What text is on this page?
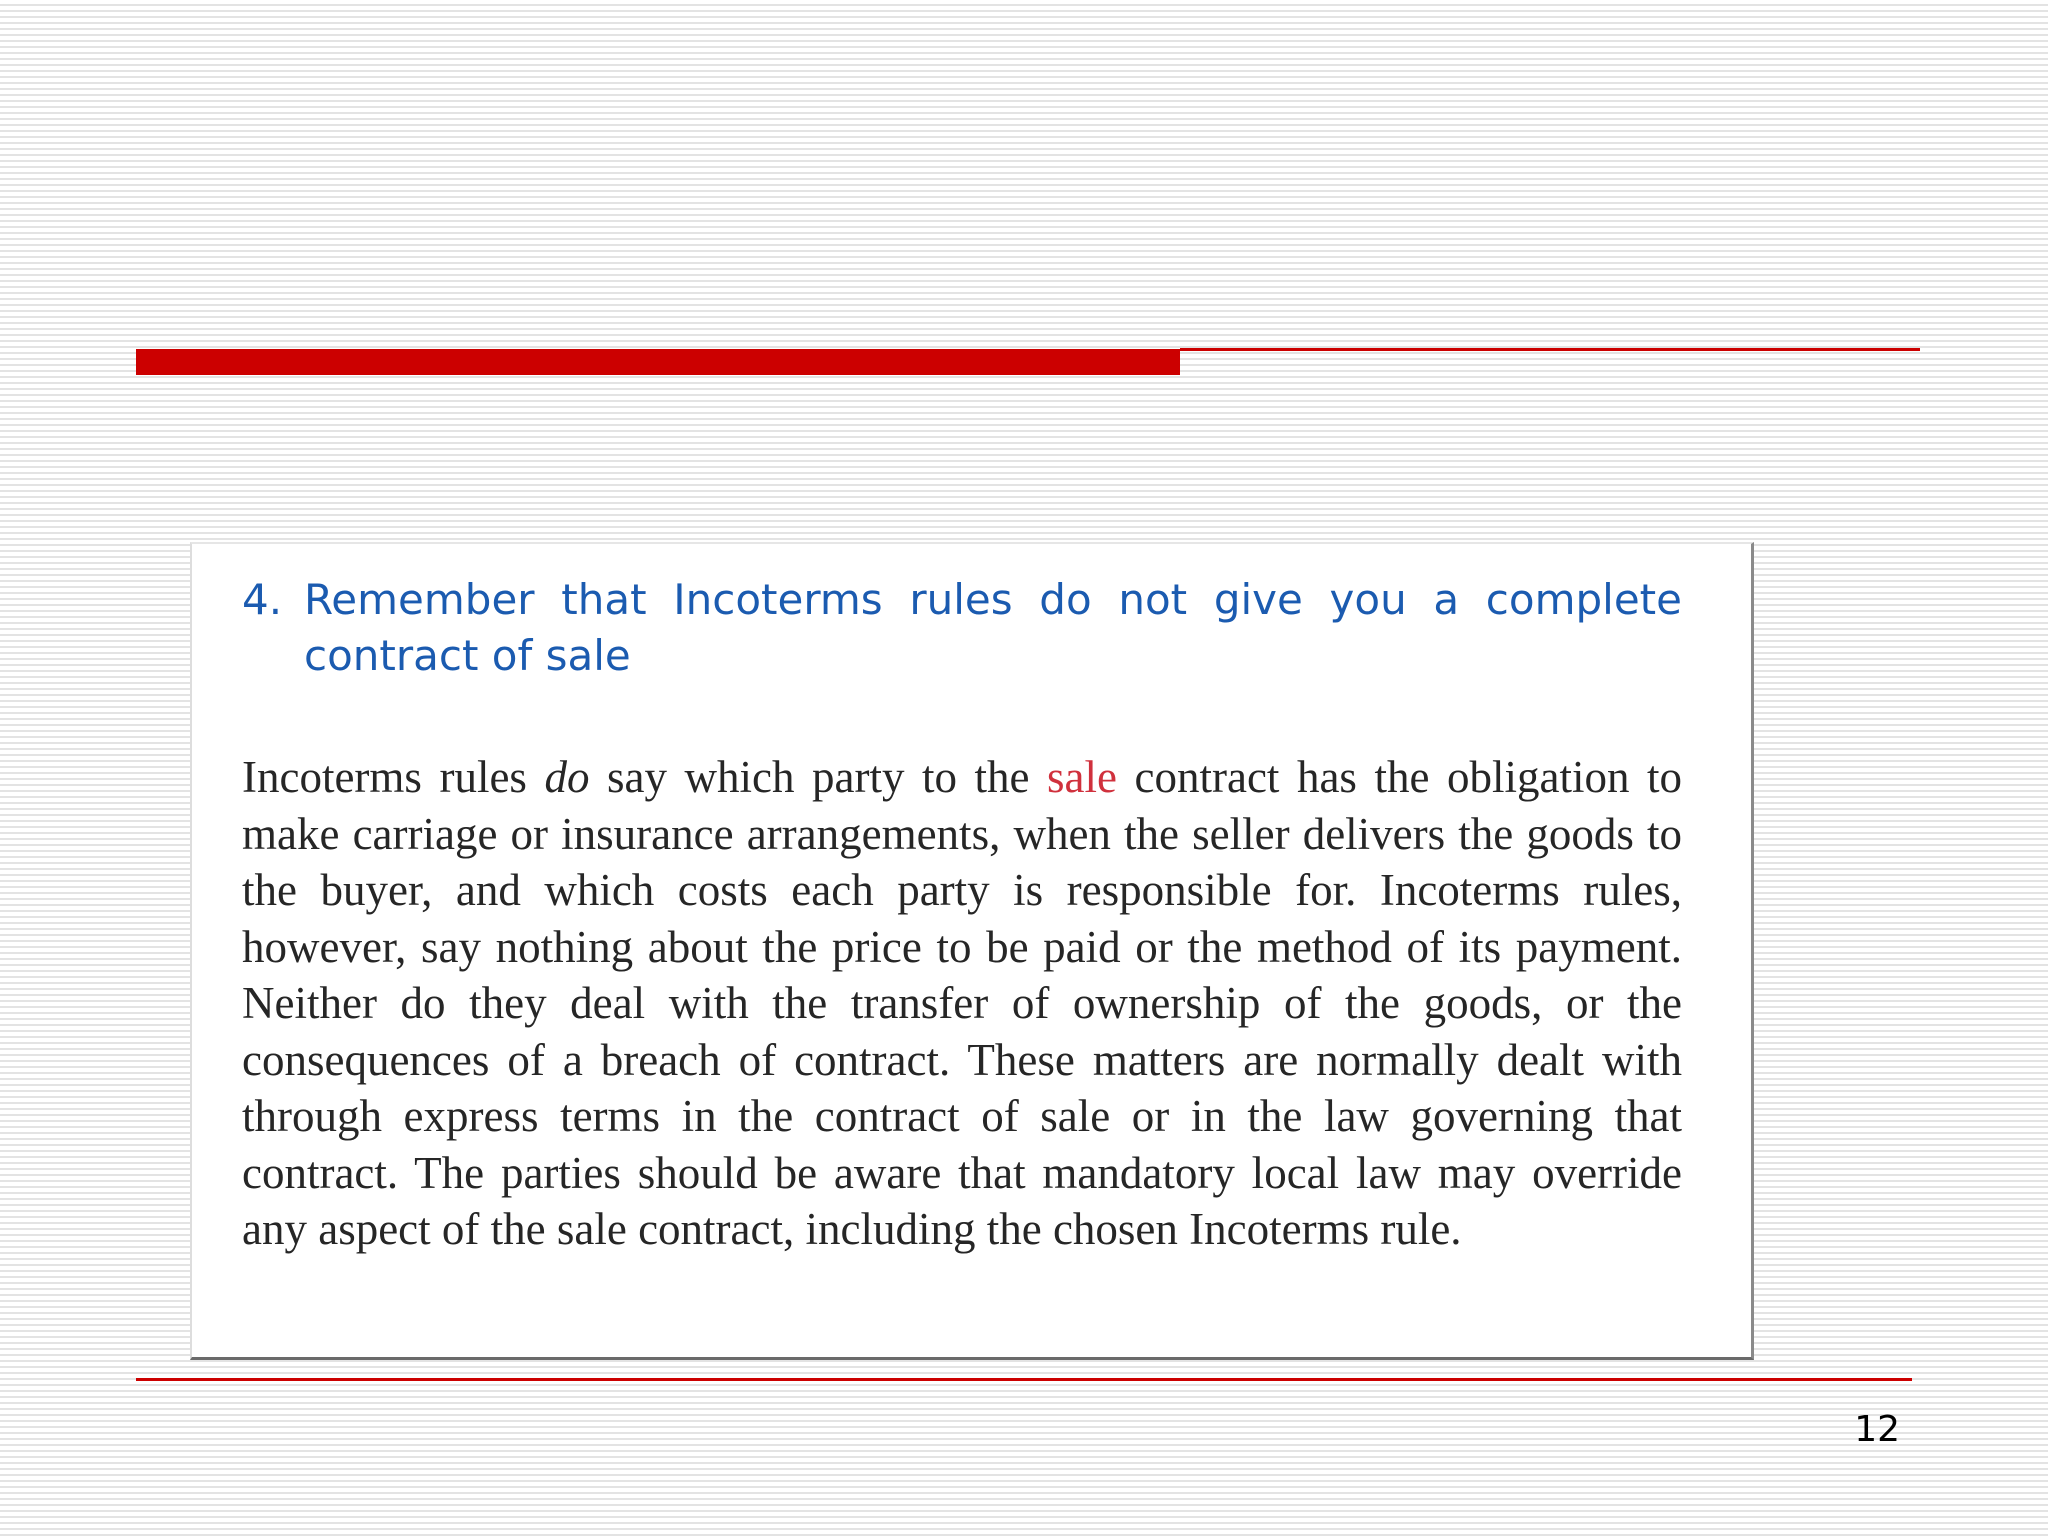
4. Remember that Incoterms rules do not give you a complete contract of sale

Incoterms rules do say which party to the sale contract has the obligation to make carriage or insurance arrangements, when the seller delivers the goods to the buyer, and which costs each party is responsible for. Incoterms rules, however, say nothing about the price to be paid or the method of its payment. Neither do they deal with the transfer of ownership of the goods, or the consequences of a breach of contract. These matters are normally dealt with through express terms in the contract of sale or in the law governing that contract. The parties should be aware that mandatory local law may override any aspect of the sale contract, including the chosen Incoterms rule.

12
